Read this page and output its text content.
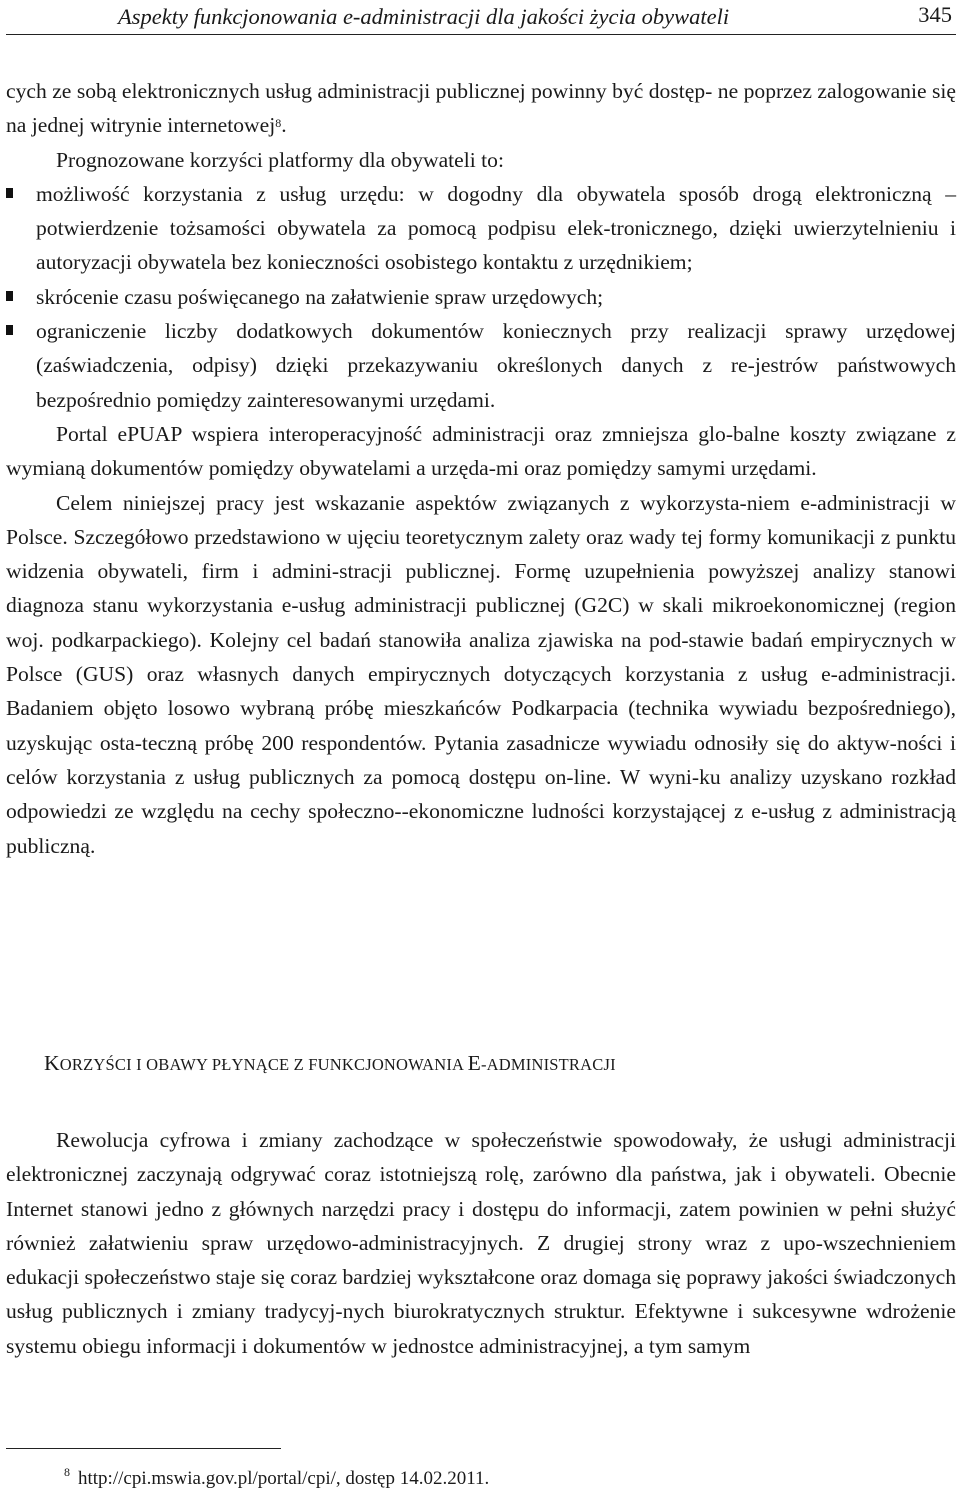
Aspekty funkcjonowania e-administracji dla jakości życia obywateli	345

cych ze sobą elektronicznych usług administracji publicznej powinny być dostęp- ne poprzez zalogowanie się na jednej witrynie internetowej$^8$.

Prognozowane korzyści platformy dla obywateli to:

możliwość korzystania z usług urzędu: w dogodny dla obywatela sposób drogą elektroniczną – potwierdzenie tożsamości obywatela za pomocą podpisu elek-tronicznego, dzięki uwierzytelnieniu i autoryzacji obywatela bez konieczności osobistego kontaktu z urzędnikiem;
skrócenie czasu poświęcanego na załatwienie spraw urzędowych;
ograniczenie liczby dodatkowych dokumentów koniecznych przy realizacji sprawy urzędowej (zaświadczenia, odpisy) dzięki przekazywaniu określonych danych z re-jestrów państwowych bezpośrednio pomiędzy zainteresowanymi urzędami.

Portal ePUAP wspiera interoperacyjność administracji oraz zmniejsza glo-balne koszty związane z wymianą dokumentów pomiędzy obywatelami a urzęda-mi oraz pomiędzy samymi urzędami.

Celem niniejszej pracy jest wskazanie aspektów związanych z wykorzysta-niem e-administracji w Polsce. Szczegółowo przedstawiono w ujęciu teoretycznym zalety oraz wady tej formy komunikacji z punktu widzenia obywateli, firm i admini-stracji publicznej. Formę uzupełnienia powyższej analizy stanowi diagnoza stanu wykorzystania e-usług administracji publicznej (G2C) w skali mikroekonomicznej (region woj. podkarpackiego). Kolejny cel badań stanowiła analiza zjawiska na pod-stawie badań empirycznych w Polsce (GUS) oraz własnych danych empirycznych dotyczących korzystania z usług e-administracji. Badaniem objęto losowo wybraną próbę mieszkańców Podkarpacia (technika wywiadu bezpośredniego), uzyskując osta-teczną próbę 200 respondentów. Pytania zasadnicze wywiadu odnosiły się do aktyw-ności i celów korzystania z usług publicznych za pomocą dostępu on-line. W wyni-ku analizy uzyskano rozkład odpowiedzi ze względu na cechy społeczno--ekonomiczne ludności korzystającej z e-usług z administracją publiczną.

KORZYŚCI I OBAWY PŁYNĄCE Z FUNKCJONOWANIA E-ADMINISTRACJI

Rewolucja cyfrowa i zmiany zachodzące w społeczeństwie spowodowały, że usługi administracji elektronicznej zaczynają odgrywać coraz istotniejszą rolę, zarówno dla państwa, jak i obywateli. Obecnie Internet stanowi jedno z głównych narzędzi pracy i dostępu do informacji, zatem powinien w pełni służyć również załatwieniu spraw urzędowo-administracyjnych. Z drugiej strony wraz z upo-wszechnieniem edukacji społeczeństwo staje się coraz bardziej wykształcone oraz domaga się poprawy jakości świadczonych usług publicznych i zmiany tradycyj-nych biurokratycznych struktur. Efektywne i sukcesywne wdrożenie systemu obiegu informacji i dokumentów w jednostce administracyjnej, a tym samym

$^8$ http://cpi.mswia.gov.pl/portal/cpi/, dostęp 14.02.2011.
